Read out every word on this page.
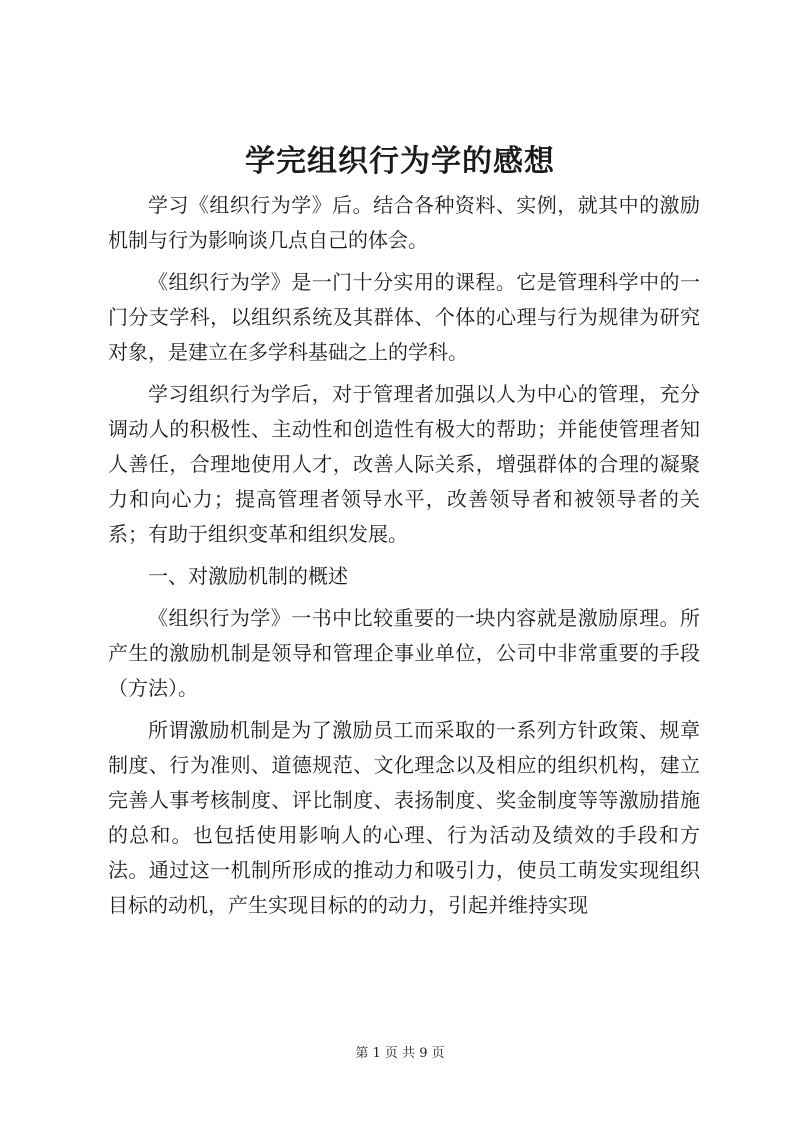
学完组织行为学的感想

学习《组织行为学》后。结合各种资料、实例，就其中的激励机制与行为影响谈几点自己的体会。

《组织行为学》是一门十分实用的课程。它是管理科学中的一门分支学科，以组织系统及其群体、个体的心理与行为规律为研究对象，是建立在多学科基础之上的学科。

学习组织行为学后，对于管理者加强以人为中心的管理，充分调动人的积极性、主动性和创造性有极大的帮助；并能使管理者知人善任，合理地使用人才，改善人际关系，增强群体的合理的凝聚力和向心力；提高管理者领导水平，改善领导者和被领导者的关系；有助于组织变革和组织发展。

一、对激励机制的概述

《组织行为学》一书中比较重要的一块内容就是激励原理。所产生的激励机制是领导和管理企事业单位，公司中非常重要的手段（方法）。

所谓激励机制是为了激励员工而采取的一系列方针政策、规章制度、行为准则、道德规范、文化理念以及相应的组织机构，建立完善人事考核制度、评比制度、表扬制度、奖金制度等等激励措施的总和。也包括使用影响人的心理、行为活动及绩效的手段和方法。通过这一机制所形成的推动力和吸引力，使员工萌发实现组织目标的动机，产生实现目标的的动力，引起并维持实现

第 1 页 共 9 页
